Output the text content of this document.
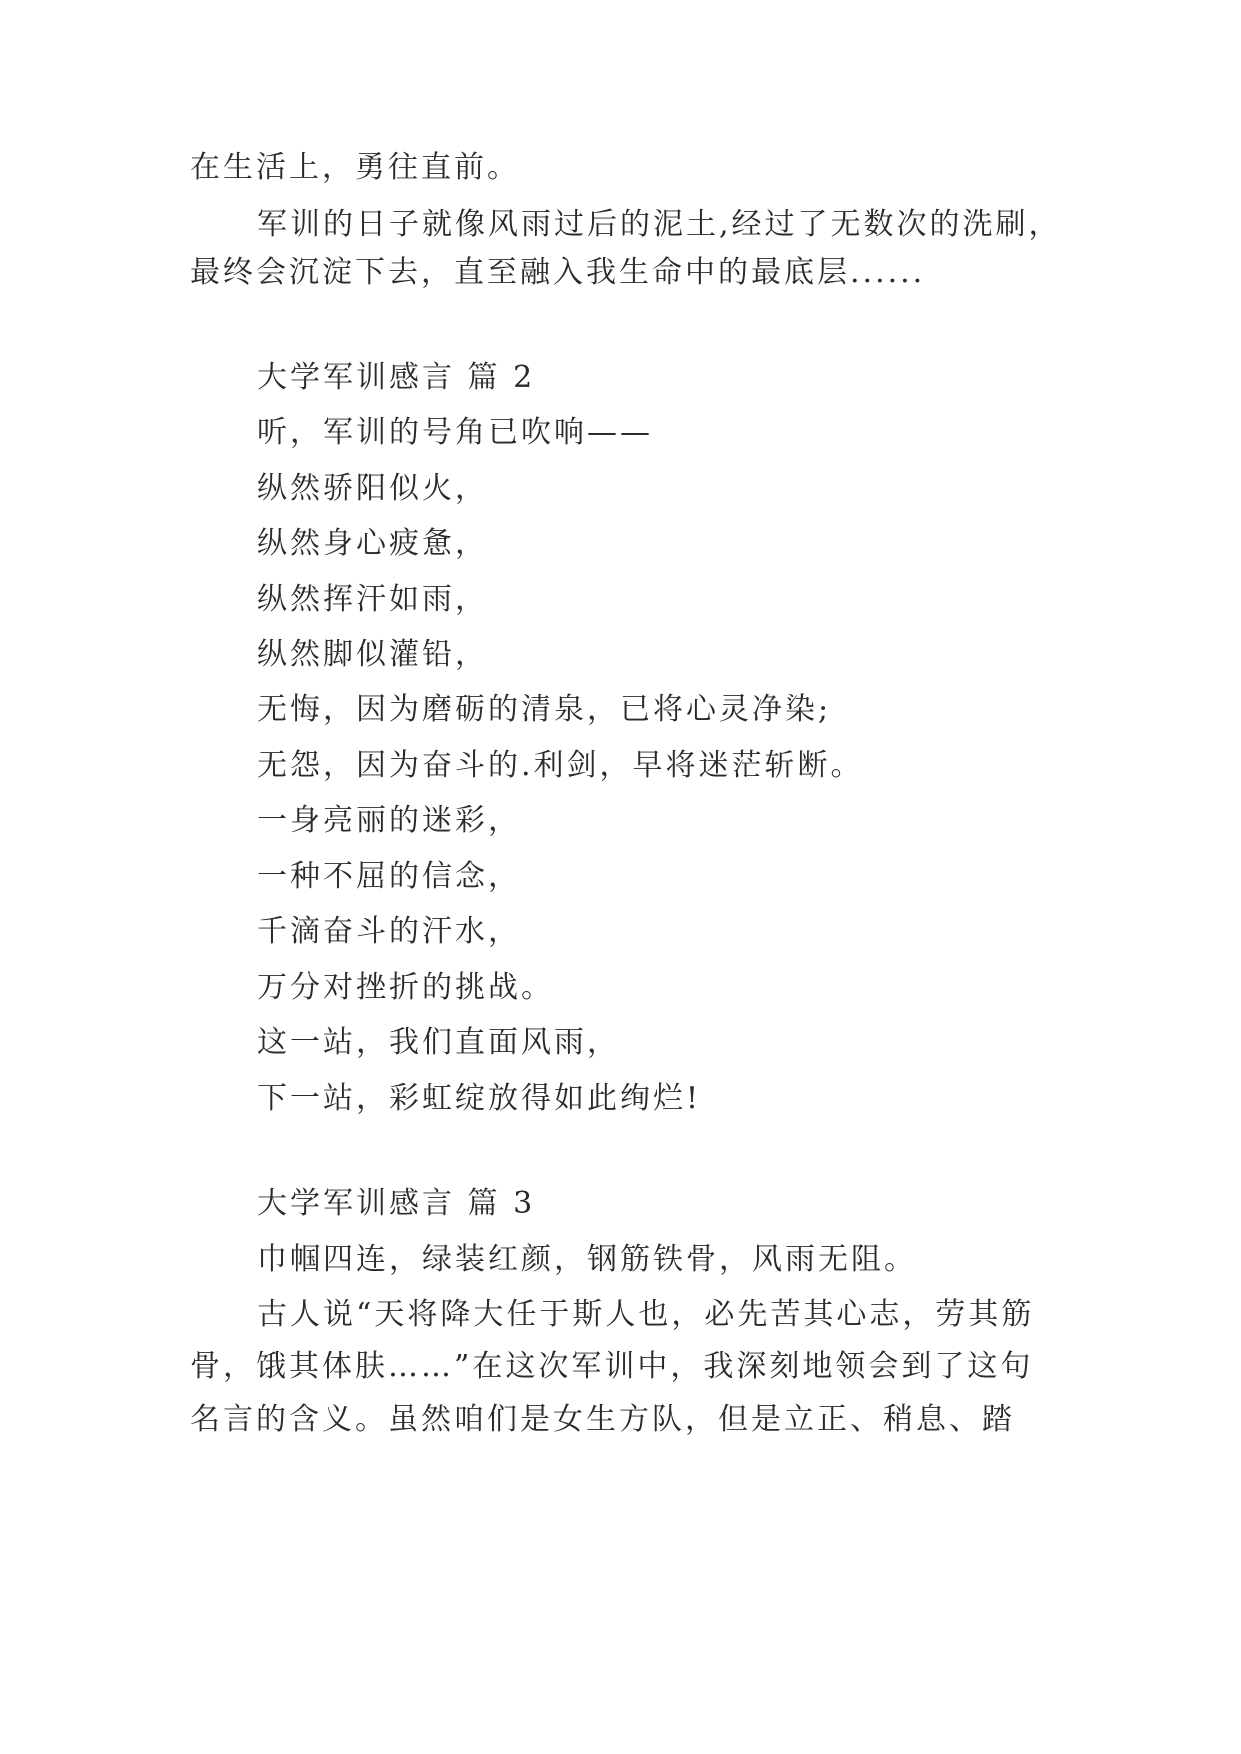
在生活上，勇往直前。
军训的日子就像风雨过后的泥土,经过了无数次的洗刷，
最终会沉淀下去，直至融入我生命中的最底层......
大学军训感言 篇 2
听，军训的号角已吹响——
纵然骄阳似火，
纵然身心疲惫，
纵然挥汗如雨，
纵然脚似灌铅，
无悔，因为磨砺的清泉，已将心灵净染;
无怨，因为奋斗的.利剑，早将迷茫斩断。
一身亮丽的迷彩，
一种不屈的信念，
千滴奋斗的汗水，
万分对挫折的挑战。
这一站，我们直面风雨，
下一站，彩虹绽放得如此绚烂!
大学军训感言 篇 3
巾帼四连，绿装红颜，钢筋铁骨，风雨无阻。
古人说“天将降大任于斯人也，必先苦其心志，劳其筋
骨，饿其体肤……”在这次军训中，我深刻地领会到了这句
名言的含义。虽然咱们是女生方队，但是立正、稍息、踏
